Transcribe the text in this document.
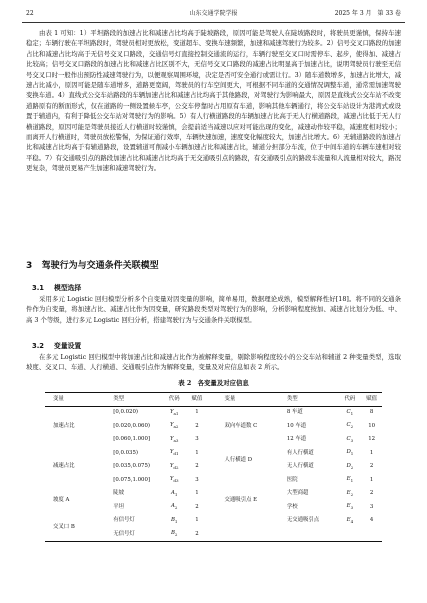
22	山东交通学院学报	2025 年 3 月　第 33 卷
由表 1 可知：1）平坦路段的加速占比和减速占比均高于陡坡路段，原因可能是驾驶人在陡坡路段时，将驶员更谨慎，保持车速稳定；车辆行驶在平坦路段时，驾驶员相对更放松，变道超车、变换车速频繁，加速和减速驾驶行为较多。2）信号交叉口路段的加速占比和减速占比均高于无信号交叉口路段，交通信号灯直接控制交通流的运行，车辆行驶至交叉口时需停车、起步，使得加、减速占比较高；信号交叉口路段的加速占比和减速占比区别不大，无信号交叉口路段的减速占比明显高于加速占比，说明驾驶员行驶至无信号交叉口时一般作出预防性减速驾驶行为，以便观察周围环境，决定是否可安全通行或需让行。3）随车道数增多，加速占比增大，减速占比减小，原因可能是随车道增多，道路更宽阔，驾驶员的行车空间更大，可根据不同车道的交通情况调整车道，通常需加速驾驶变换车道。4）直线式公交车站路段的车辆加速占比和减速占比均高于其他路段，对驾驶行为影响最大，原因是直线式公交车站不改变道路原有的断面形式，仅在道路的一侧设置候车亭，公交车停靠时占用原有车道，影响其他车辆通行，将公交车站设计为港湾式或设置于辅道内，有利于降低公交车站对驾驶行为的影响。5）有人行横道路段的车辆加速占比高于无人行横道路段，减速占比低于无人行横道路段，原因可能是驾驶员接近人行横道时较谨慎，会提前适当减速以应对可能出现的变化，减速动作较平稳，减速度相对较小；而离开人行横道时，驾驶员放松警惕，为保证通行效率，车辆快速加速，速度变化幅度较大，加速占比增大。6）无辅道路段的加速占比和减速占比均高于有辅道路段，设置辅道可削减小车辆加速占比和减速占比，辅道分担部分车流，位于中间车道的车辆车速相对较平稳。7）有交通吸引点的路段加速占比和减速占比均高于无交通吸引点的路段，有交通吸引点的路段车流量和人流量相对较大，路况更复杂，驾驶员更易产生加速和减速驾驶行为。
3 驾驶行为与交通条件关联模型
3.1 模型选择
采用多元 Logistic 回归模型分析多个自变量对因变量的影响，简单易用，数据理论成熟，模型解释性好[18]。将不同的交通条件作为自变量，将加速占比、减速占比作为因变量，研究路段类型对驾驶行为的影响，分析影响程度按加、减速占比划分为低、中、高 3 个等级，进行多元 Logistic 回归分析，搭建驾驶行为与交通条件关联模型。
3.2 变量设置
在多元 Logistic 回归模型中将加速占比和减速占比作为被解释变量，剔除影响程度较小的公交车站和辅道 2 种变量类型，选取坡度、交叉口、车道、人行横道、交通吸引点作为解释变量，变量及对应信息如表 2 所示。
表 2　各变量及对应信息
变量	类型	代码	赋值		变量	类型	代码	赋值
加速占比	[0,0.020)	$Y_{a1}$	1		双向车道数 C	8 车道	$C_1$	8
	[0.020,0.060)	$Y_{a2}$	2			10 车道	$C_2$	10
	[0.060,1.000]	$Y_{a3}$	3			12 车道	$C_3$	12
减速占比	[0,0.035)	$Y_{d1}$	1		人行横道 D	有人行横道	$D_1$	1
	[0.035,0.075)	$Y_{d2}$	2			无人行横道	$D_2$	2
	[0.075,1.000]	$Y_{d3}$	3		交通吸引点 E	医院	$E_1$	1
坡度 A	陡坡	$A_1$	1			大型商超	$E_2$	2
	平坦	$A_2$	2			学校	$E_3$	3
交叉口 B	有信号灯	$B_1$	1			无交通吸引点	$E_4$	4
	无信号灯	$B_2$	2					
